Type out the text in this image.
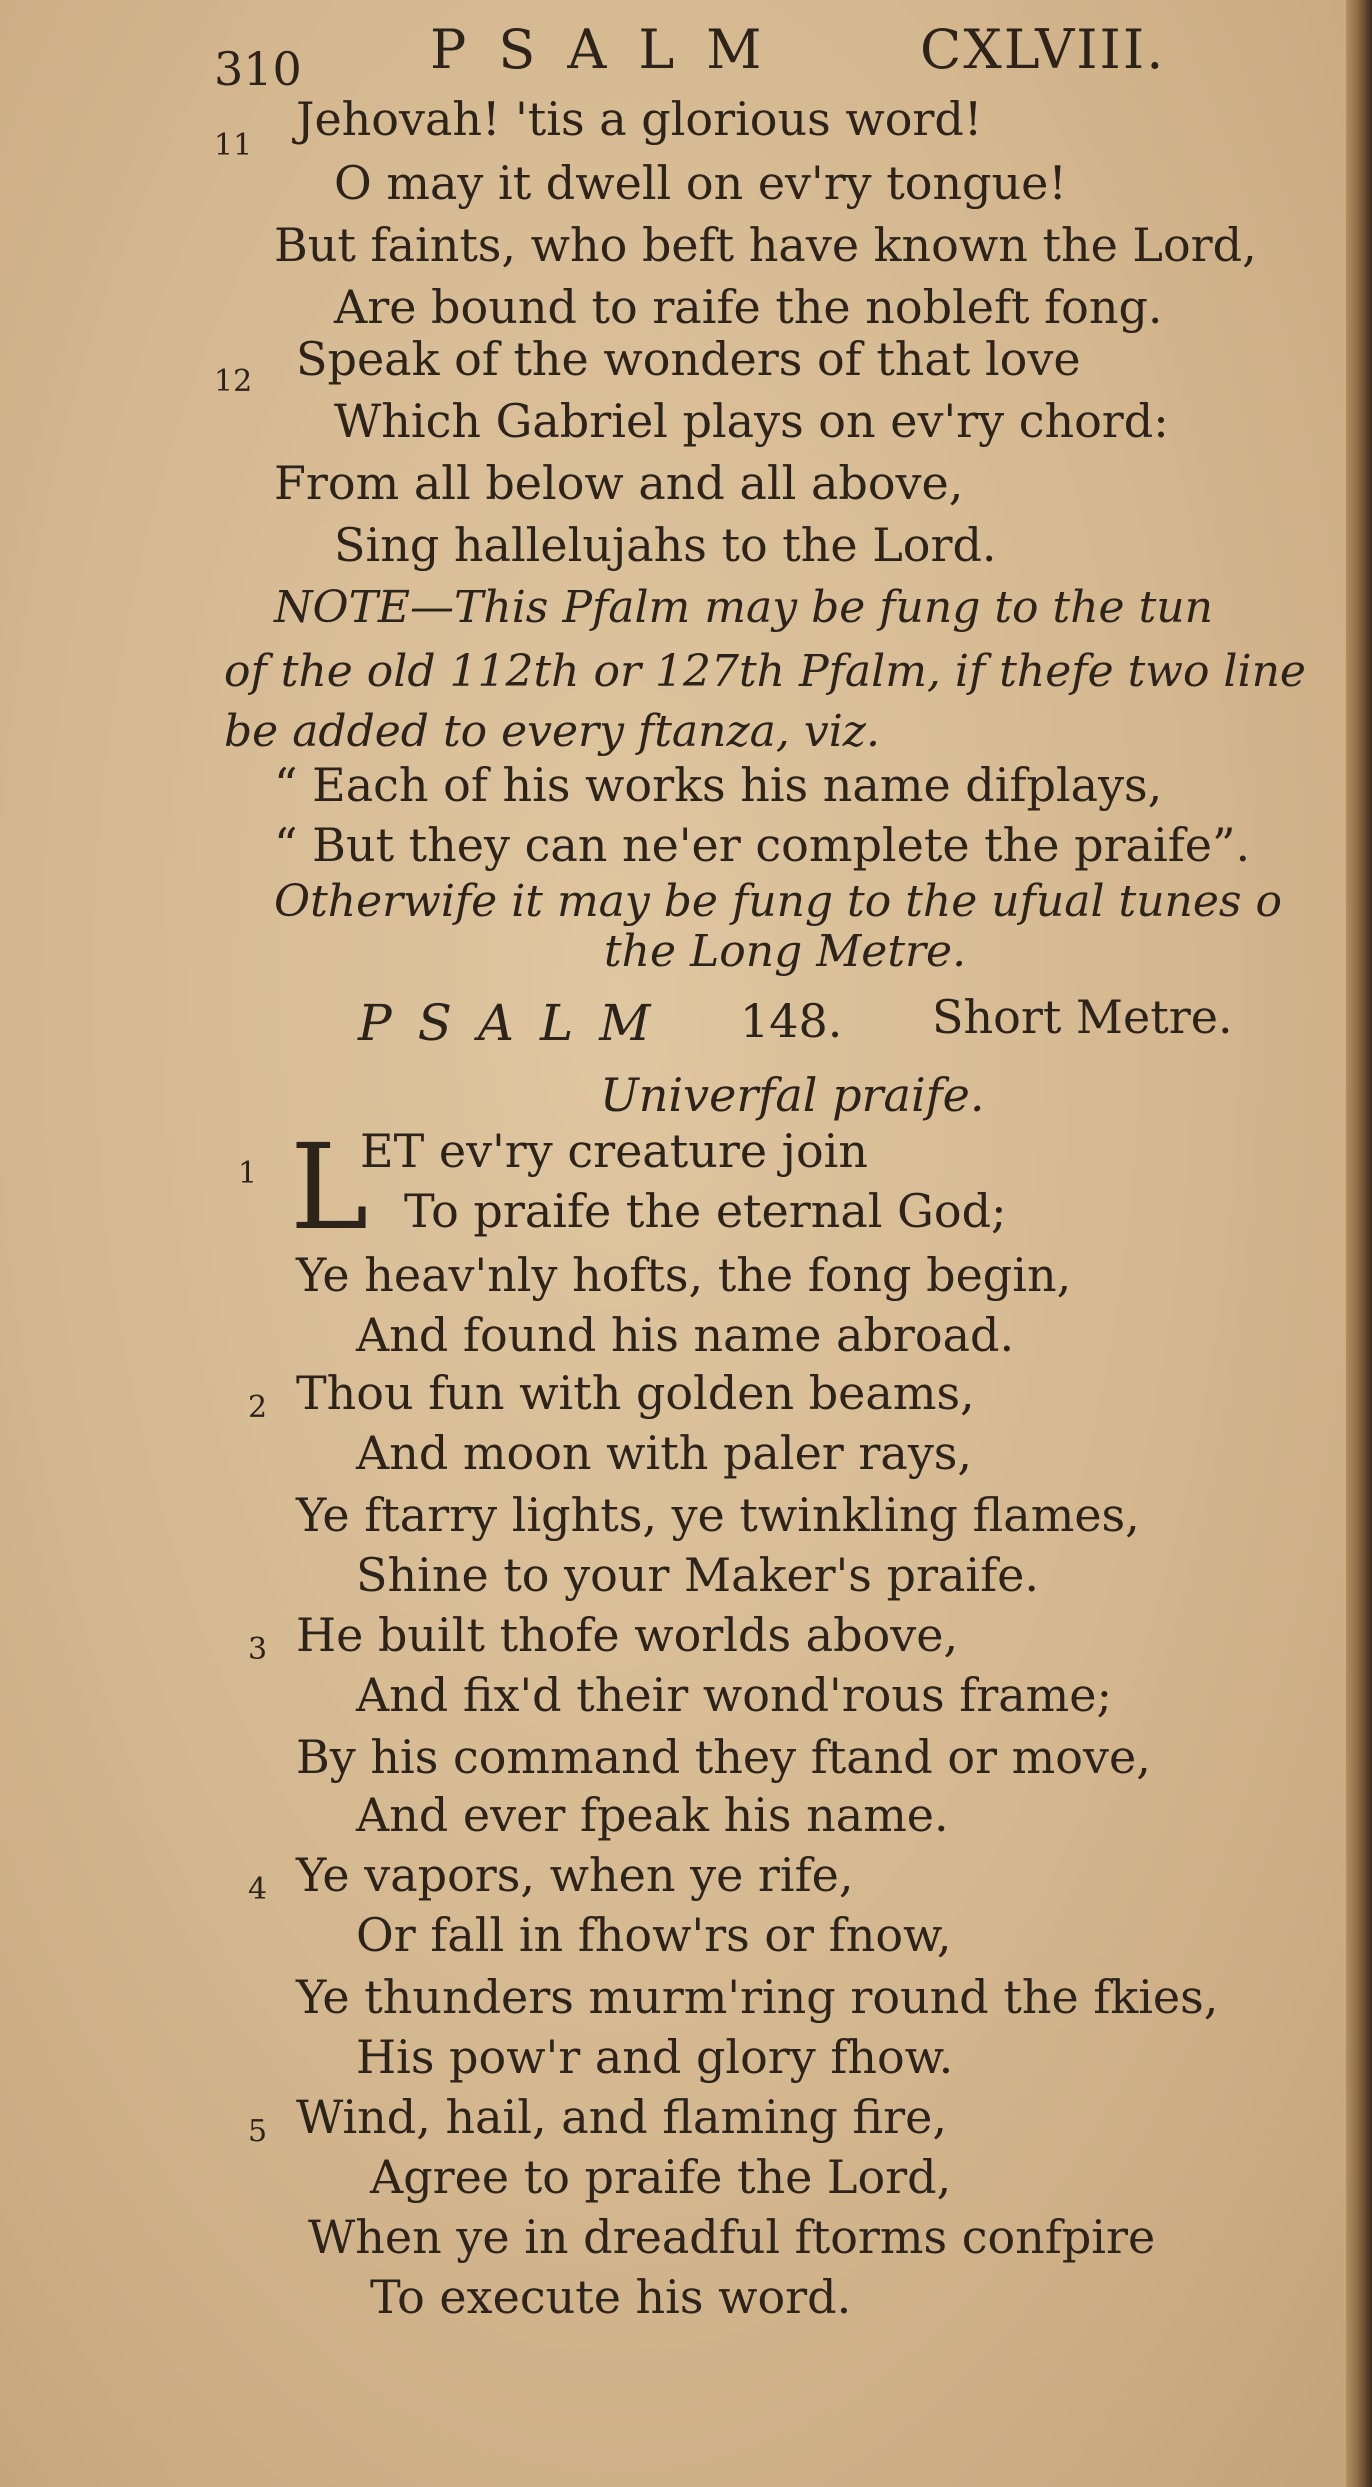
310 PSALM CXLVIII.
11 Jehovah! 'tis a glorious word!
O may it dwell on ev'ry tongue!
But faints, who beft have known the Lord,
Are bound to raife the nobleft fong.
12 Speak of the wonders of that love
Which Gabriel plays on ev'ry chord:
From all below and all above,
Sing hallelujahs to the Lord.
NOTE—This Pfalm may be fung to the tun
of the old 112th or 127th Pfalm, if thefe two line
be added to every ftanza, viz.
“ Each of his works his name difplays,
“ But they can ne'er complete the praife”.
Otherwife it may be fung to the ufual tunes o
the Long Metre.
PSALM 148. Short Metre.
Univerfal praife.
1 L
ET ev'ry creature join
To praife the eternal God;
Ye heav'nly hofts, the fong begin,
And found his name abroad.
2 Thou fun with golden beams,
And moon with paler rays,
Ye ftarry lights, ye twinkling flames,
Shine to your Maker's praife.
3 He built thofe worlds above,
And fix'd their wond'rous frame;
By his command they ftand or move,
And ever fpeak his name.
4 Ye vapors, when ye rife,
Or fall in fhow'rs or fnow,
Ye thunders murm'ring round the fkies,
His pow'r and glory fhow.
5 Wind, hail, and flaming fire,
Agree to praife the Lord,
When ye in dreadful ftorms confpire
To execute his word.
